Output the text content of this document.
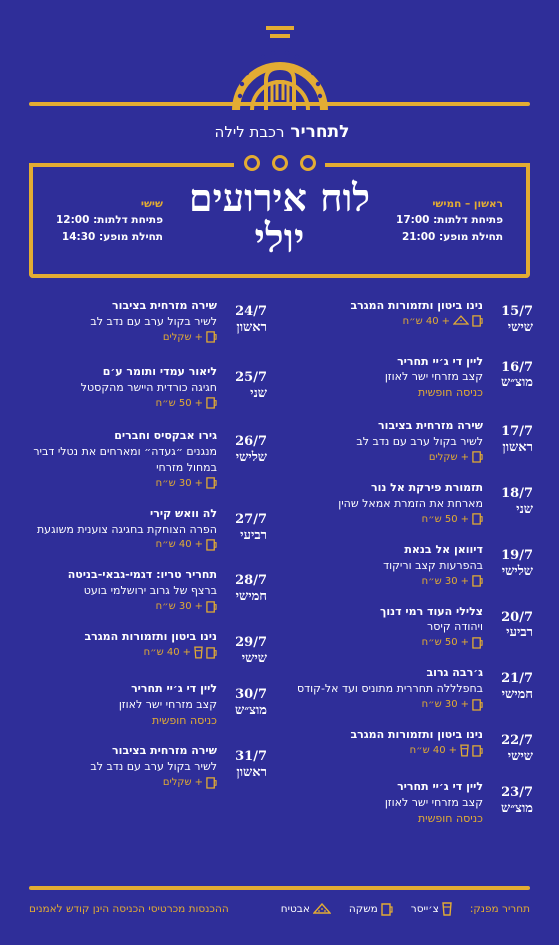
לתחריר רכבת לילה
לוח אירועים
יולי
ראשון – חמישי
פתיחת דלתות: 17:00
תחילת מופע: 21:00
שישי
פתיחת דלתות: 12:00
תחילת מופע: 14:30
15/7
שישי
נינו ביטון ותזמורות המגרב
+
40 ש״ח
16/7
מוצ״ש
ליין די ג׳יי תחריר
קצב מזרחי ישר לאוזן
כניסה חופשית
17/7
ראשון
שירה מזרחית בציבור
לשיר בקול ערב עם נדב לב
+
שקלים
18/7
שני
תזמורת פירקת אל נור
מארחת את הזמרת אמאל שהין
+
50 ש״ח
19/7
שלישי
דיוואן אל בנאת
בהפרעות קצב וריקוד
+
30 ש״ח
20/7
רביעי
צלילי העוד רמי דנוך
ויהודה קיסר
+
50 ש״ח
21/7
חמישי
ג׳רבה גרוב
בחפלללה תחררית מתוניס ועד אל-קודס
+
30 ש״ח
22/7
שישי
נינו ביטון ותזמורות המגרב
+
40 ש״ח
23/7
מוצ״ש
ליין די ג׳יי תחריר
קצב מזרחי ישר לאוזן
כניסה חופשית
24/7
ראשון
שירה מזרחית בציבור
לשיר בקול ערב עם נדב לב
+
שקלים
25/7
שני
ליאור עמדי ותומר ע׳ם
חגיגה כורדית היישר מהקסטל
+
50 ש״ח
26/7
שלישי
גירו אבקסיס וחברים
מנגנים ״געדה״ ומארחים את נטלי דביר במחול מזרחי
+
30 ש״ח
27/7
רביעי
לה וואש קירי
הפרה הצוחקת בחגיגה צוענית משוגעת
+
40 ש״ח
28/7
חמישי
תחריר טריו: דגמי-גבאי-בניטה
ברצף של גרוב ירושלמי בועט
+
30 ש״ח
29/7
שישי
נינו ביטון ותזמורות המגרב
+
40 ש״ח
30/7
מוצ״ש
ליין די ג׳יי תחריר
קצב מזרחי ישר לאוזן
כניסה חופשית
31/7
ראשון
שירה מזרחית בציבור
לשיר בקול ערב עם נדב לב
+
שקלים
תחריר מפנק:
צ׳ייסר
משקה
אבטיח
ההכנסות מכרטיסי הכניסה הינן קודש לאמנים
